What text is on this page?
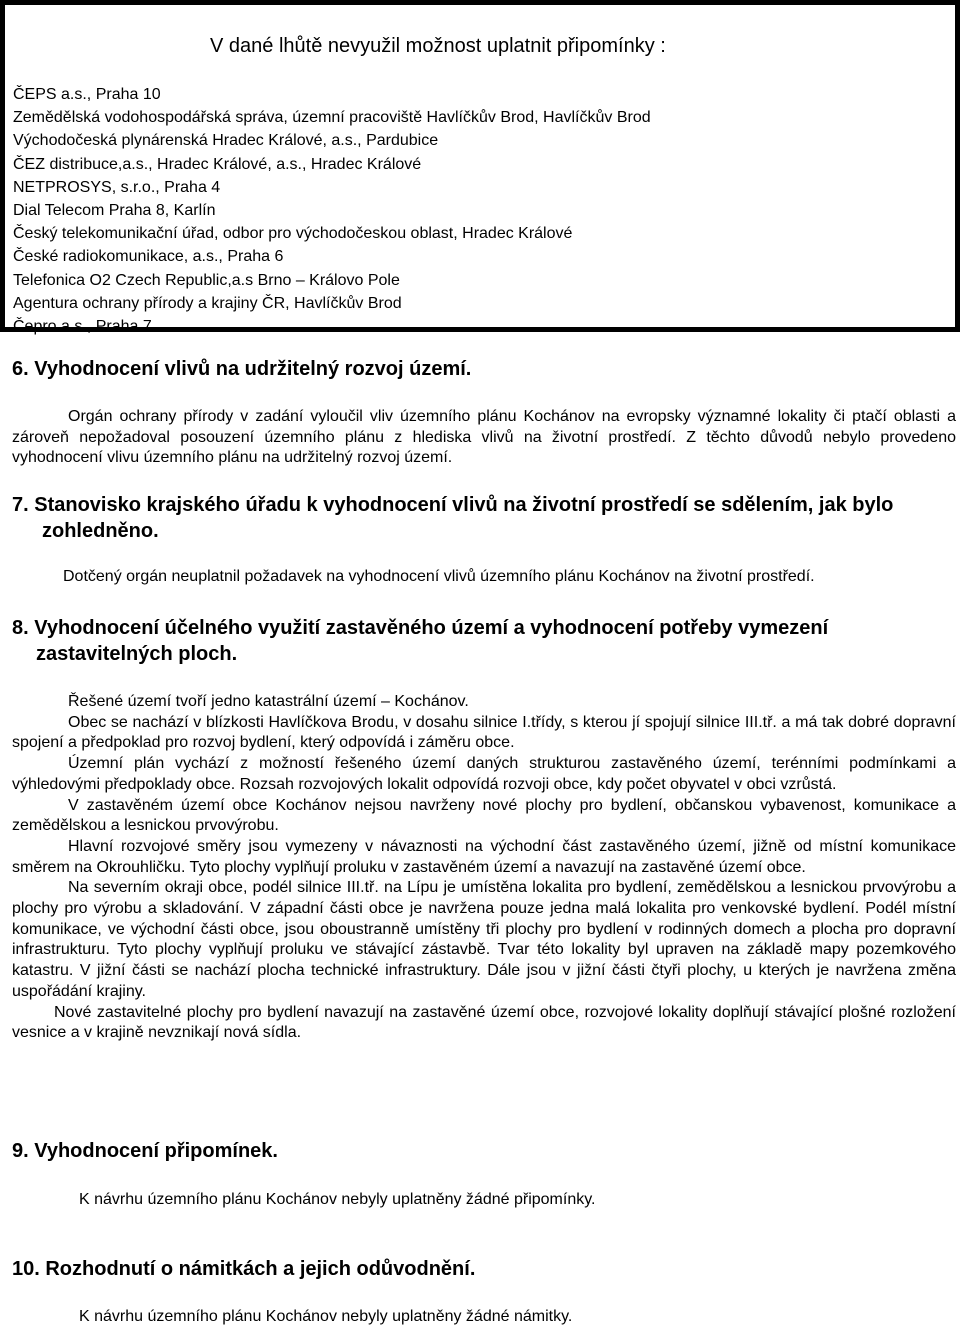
V dané lhůtě nevyužil možnost uplatnit připomínky :
ČEPS a.s., Praha 10
Zemědělská vodohospodářská správa, územní pracoviště Havlíčkův Brod, Havlíčkův Brod
Východočeská plynárenská Hradec Králové, a.s., Pardubice
ČEZ distribuce,a.s., Hradec Králové, a.s., Hradec Králové
NETPROSYS, s.r.o., Praha 4
Dial Telecom Praha 8, Karlín
Český telekomunikační úřad, odbor pro východočeskou oblast, Hradec Králové
České radiokomunikace, a.s., Praha 6
Telefonica O2 Czech Republic,a.s Brno – Královo Pole
Agentura ochrany přírody a krajiny ČR, Havlíčkův Brod
Čepro a.s., Praha 7
6. Vyhodnocení vlivů na udržitelný rozvoj území.
Orgán ochrany přírody v zadání vyloučil vliv územního plánu Kochánov na evropsky významné lokality či ptačí oblasti a zároveň nepožadoval posouzení územního plánu z hlediska vlivů na životní prostředí. Z těchto důvodů nebylo provedeno vyhodnocení vlivu územního plánu na udržitelný rozvoj území.
7. Stanovisko krajského úřadu k vyhodnocení vlivů na životní prostředí se sdělením, jak bylo zohledněno.
Dotčený orgán neuplatnil požadavek na vyhodnocení vlivů územního plánu Kochánov na životní prostředí.
8. Vyhodnocení účelného využití zastavěného území a vyhodnocení potřeby vymezení zastavitelných ploch.
Řešené území tvoří jedno katastrální území – Kochánov.
Obec se nachází v blízkosti Havlíčkova Brodu, v dosahu silnice I.třídy, s kterou jí spojují silnice III.tř. a má tak dobré dopravní spojení a předpoklad pro rozvoj bydlení, který odpovídá i záměru obce.
Územní plán vychází z možností řešeného území daných strukturou zastavěného území, terénními podmínkami a výhledovými předpoklady obce. Rozsah rozvojových lokalit odpovídá rozvoji obce, kdy počet obyvatel v obci vzrůstá.
V zastavěném území obce Kochánov nejsou navrženy nové plochy pro bydlení, občanskou vybavenost, komunikace a zemědělskou a lesnickou prvovýrobu.
Hlavní rozvojové směry jsou vymezeny v návaznosti na východní část zastavěného území, jižně od místní komunikace směrem na Okrouhličku. Tyto plochy vyplňují proluku v zastavěném území a navazují na zastavěné území obce.
Na severním okraji obce, podél silnice III.tř. na Lípu je umístěna lokalita pro bydlení, zemědělskou a lesnickou prvovýrobu a plochy pro výrobu a skladování. V západní části obce je navržena pouze jedna malá lokalita pro venkovské bydlení. Podél místní komunikace, ve východní části obce, jsou oboustranně umístěny tři plochy pro bydlení v rodinných domech a plocha pro dopravní infrastrukturu. Tyto plochy vyplňují proluku ve stávající zástavbě. Tvar této lokality byl upraven na základě mapy pozemkového katastru. V jižní části se nachází plocha technické infrastruktury. Dále jsou v jižní části čtyři plochy, u kterých je navržena změna uspořádání krajiny.
Nové zastavitelné plochy pro bydlení navazují na zastavěné území obce, rozvojové lokality doplňují stávající plošné rozložení vesnice a v krajině nevznikají nová sídla.
9. Vyhodnocení připomínek.
K návrhu územního plánu Kochánov nebyly uplatněny žádné připomínky.
10. Rozhodnutí o námitkách a jejich odůvodnění.
K návrhu územního plánu Kochánov nebyly uplatněny žádné námitky.
